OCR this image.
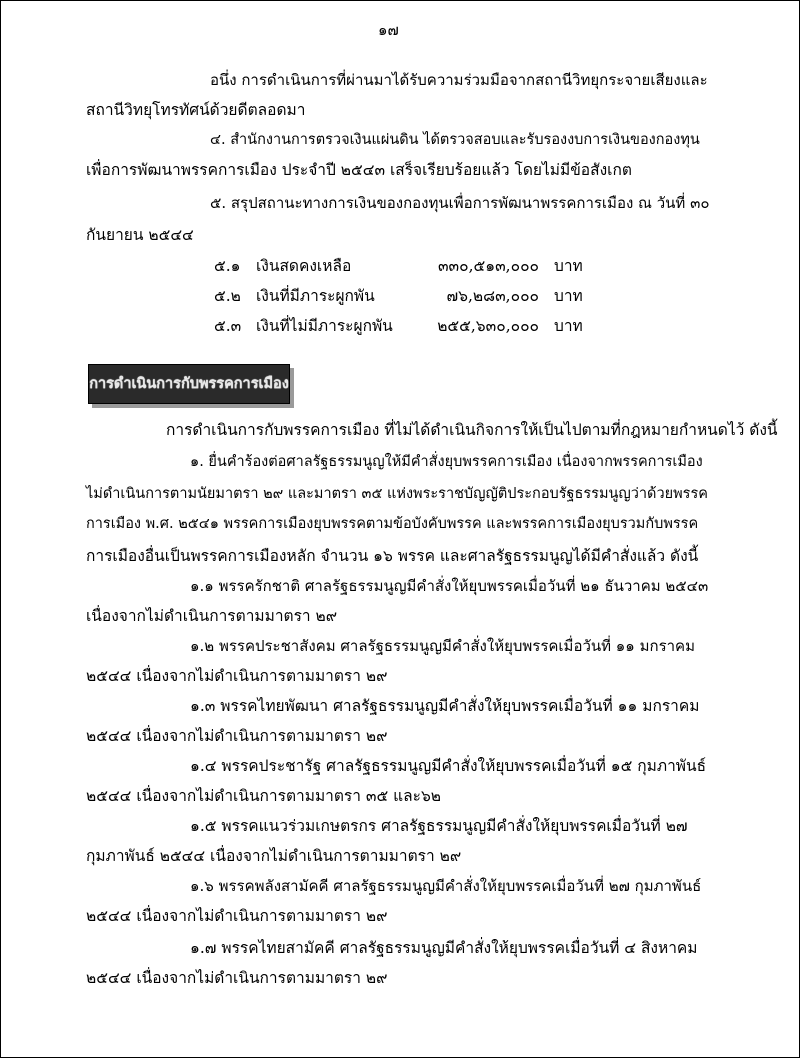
๑๗
อนึ่ง การดำเนินการที่ผ่านมาได้รับความร่วมมือจากสถานีวิทยุกระจายเสียงและ
สถานีวิทยุโทรทัศน์ด้วยดีตลอดมา
๔. สำนักงานการตรวจเงินแผ่นดิน ได้ตรวจสอบและรับรองงบการเงินของกองทุน
เพื่อการพัฒนาพรรคการเมือง ประจำปี ๒๕๔๓ เสร็จเรียบร้อยแล้ว โดยไม่มีข้อสังเกต
๕. สรุปสถานะทางการเงินของกองทุนเพื่อการพัฒนาพรรคการเมือง ณ วันที่ ๓๐
กันยายน ๒๕๔๔
๕.๑ เงินสดคงเหลือ	๓๓๐,๕๑๓,๐๐๐ บาท
๕.๒ เงินที่มีภาระผูกพัน	๗๖,๒๘๓,๐๐๐ บาท
๕.๓ เงินที่ไม่มีภาระผูกพัน	๒๕๕,๖๓๐,๐๐๐ บาท
การดำเนินการกับพรรคการเมือง
การดำเนินการกับพรรคการเมือง ที่ไม่ได้ดำเนินกิจการให้เป็นไปตามที่กฎหมายกำหนดไว้ ดังนี้
๑. ยื่นคำร้องต่อศาลรัฐธรรมนูญให้มีคำสั่งยุบพรรคการเมือง เนื่องจากพรรคการเมือง
ไม่ดำเนินการตามนัยมาตรา ๒๙ และมาตรา ๓๕ แห่งพระราชบัญญัติประกอบรัฐธรรมนูญว่าด้วยพรรค
การเมือง พ.ศ. ๒๕๔๑ พรรคการเมืองยุบพรรคตามข้อบังคับพรรค และพรรคการเมืองยุบรวมกับพรรค
การเมืองอื่นเป็นพรรคการเมืองหลัก จำนวน ๑๖ พรรค และศาลรัฐธรรมนูญได้มีคำสั่งแล้ว ดังนี้
๑.๑ พรรครักชาติ ศาลรัฐธรรมนูญมีคำสั่งให้ยุบพรรคเมื่อวันที่ ๒๑ ธันวาคม ๒๕๔๓
เนื่องจากไม่ดำเนินการตามมาตรา ๒๙
๑.๒ พรรคประชาสังคม ศาลรัฐธรรมนูญมีคำสั่งให้ยุบพรรคเมื่อวันที่ ๑๑ มกราคม
๒๕๔๔ เนื่องจากไม่ดำเนินการตามมาตรา ๒๙
๑.๓ พรรคไทยพัฒนา ศาลรัฐธรรมนูญมีคำสั่งให้ยุบพรรคเมื่อวันที่ ๑๑ มกราคม
๒๕๔๔ เนื่องจากไม่ดำเนินการตามมาตรา ๒๙
๑.๔ พรรคประชารัฐ ศาลรัฐธรรมนูญมีคำสั่งให้ยุบพรรคเมื่อวันที่ ๑๕ กุมภาพันธ์
๒๕๔๔ เนื่องจากไม่ดำเนินการตามมาตรา ๓๕ และ๖๒
๑.๕ พรรคแนวร่วมเกษตรกร ศาลรัฐธรรมนูญมีคำสั่งให้ยุบพรรคเมื่อวันที่ ๒๗
กุมภาพันธ์ ๒๕๔๔ เนื่องจากไม่ดำเนินการตามมาตรา ๒๙
๑.๖ พรรคพลังสามัคคี ศาลรัฐธรรมนูญมีคำสั่งให้ยุบพรรคเมื่อวันที่ ๒๗ กุมภาพันธ์
๒๕๔๔ เนื่องจากไม่ดำเนินการตามมาตรา ๒๙
๑.๗ พรรคไทยสามัคคี ศาลรัฐธรรมนูญมีคำสั่งให้ยุบพรรคเมื่อวันที่ ๔ สิงหาคม
๒๕๔๔ เนื่องจากไม่ดำเนินการตามมาตรา ๒๙
